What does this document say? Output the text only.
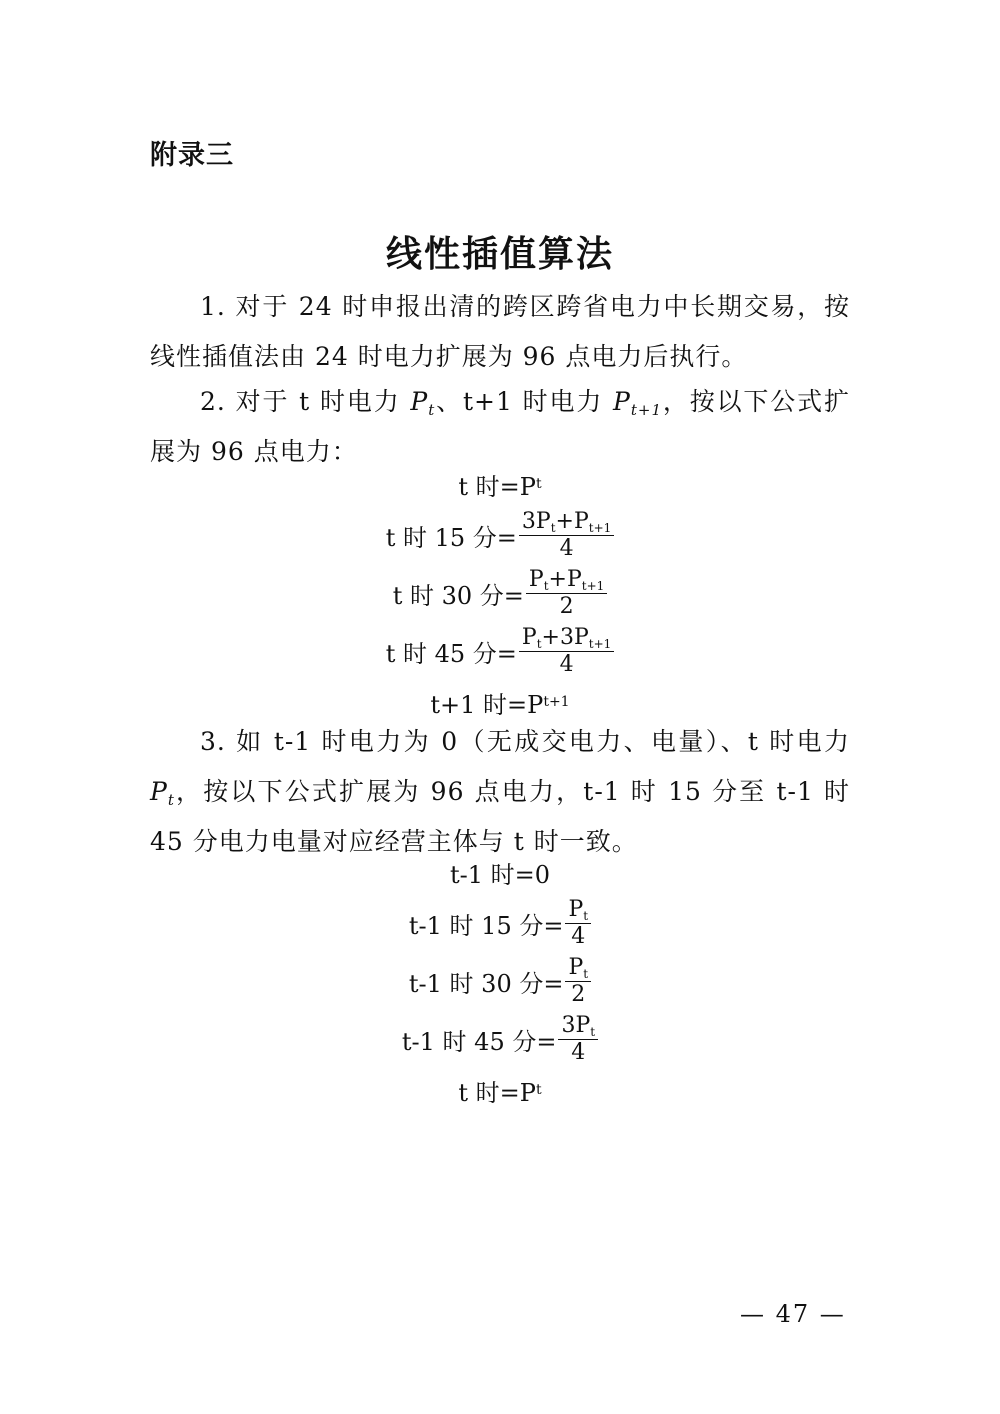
附录三
线性插值算法
1. 对于 24 时申报出清的跨区跨省电力中长期交易，按线性插值法由 24 时电力扩展为 96 点电力后执行。
2. 对于 t 时电力 $P_t$、t+1 时电力 $P_{t+1}$，按以下公式扩展为 96 点电力：
t 时=P t
t 时 15 分= $\frac{3P_t+P_{t+1}}{4}$
t 时 30 分= $\frac{P_t+P_{t+1}}{2}$
t 时 45 分= $\frac{P_t+3P_{t+1}}{4}$
t+1 时=P t+1
3. 如 t-1 时电力为 0（无成交电力、电量）、t 时电力 $P_t$，按以下公式扩展为 96 点电力，t-1 时 15 分至 t-1 时 45 分电力电量对应经营主体与 t 时一致。
t-1 时=0
t-1 时 15 分= $\frac{P_t}{4}$
t-1 时 30 分= $\frac{P_t}{2}$
t-1 时 45 分= $\frac{3P_t}{4}$
t 时=P t
— 47 —
